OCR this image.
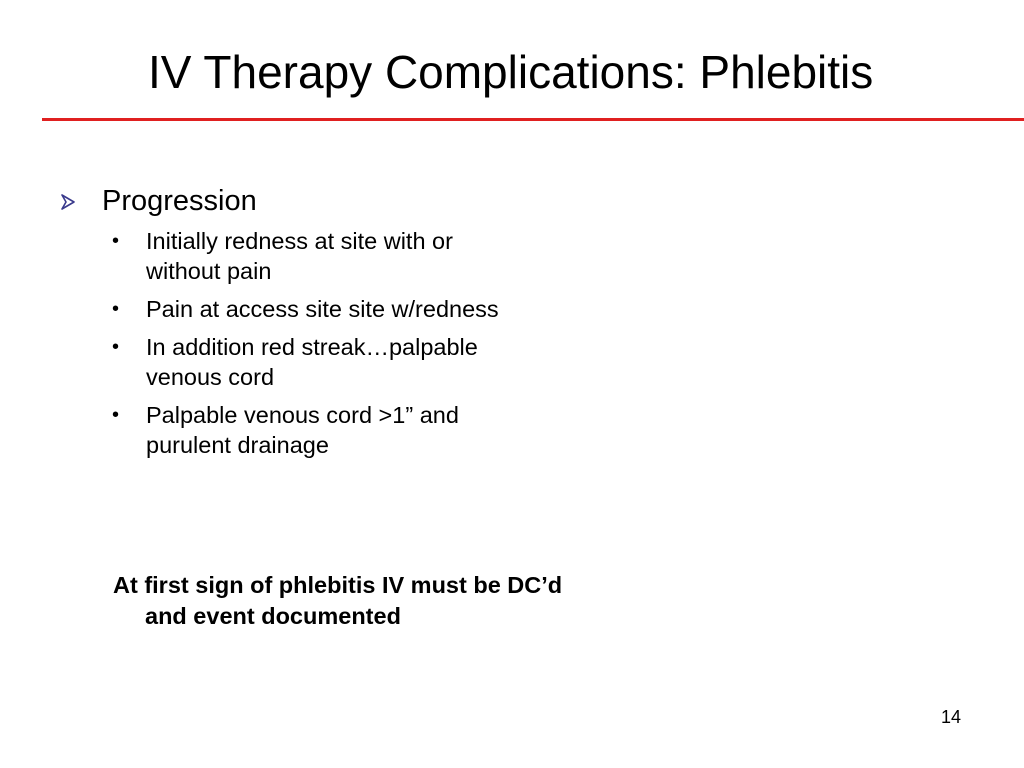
IV Therapy Complications: Phlebitis
Progression
• Initially redness at site with or without pain
• Pain at access site site w/redness
• In addition red streak…palpable venous cord
• Palpable venous cord >1” and purulent drainage
At first sign of phlebitis IV must be DC’d and event documented
14
